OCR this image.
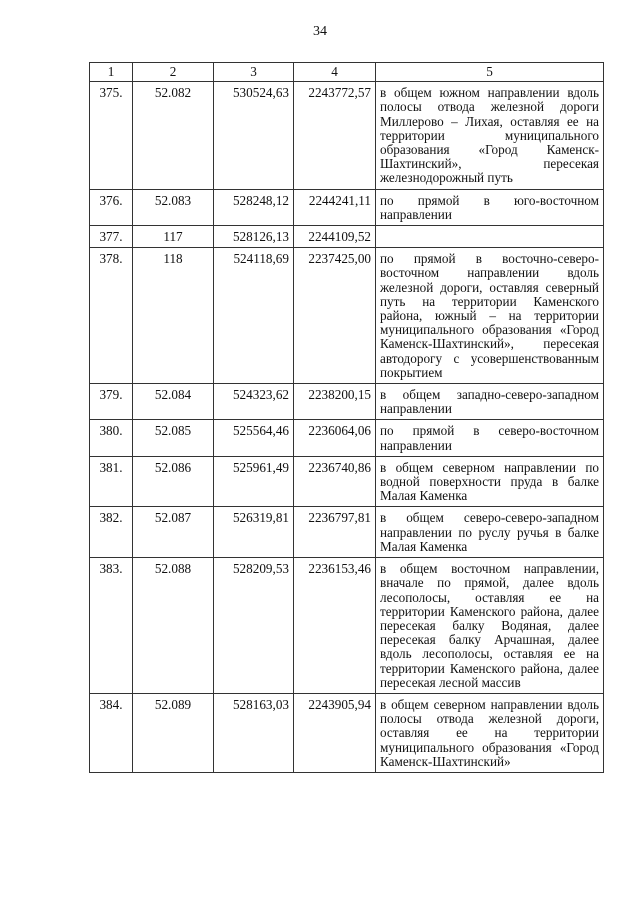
34
1	2	3	4	5
375.	52.082	530524,63	2243772,57	в общем южном направлении вдоль полосы отвода железной дороги Миллерово – Лихая, оставляя ее на территории муниципального образования «Город Каменск-Шахтинский», пересекая железнодорожный путь
376.	52.083	528248,12	2244241,11	по прямой в юго-восточном направлении
377.	117	528126,13	2244109,52	
378.	118	524118,69	2237425,00	по прямой в восточно-северо-восточном направлении вдоль железной дороги, оставляя северный путь на территории Каменского района, южный – на территории муниципального образования «Город Каменск-Шахтинский», пересекая автодорогу с усовершенствованным покрытием
379.	52.084	524323,62	2238200,15	в общем западно-северо-западном направлении
380.	52.085	525564,46	2236064,06	по прямой в северо-восточном направлении
381.	52.086	525961,49	2236740,86	в общем северном направлении по водной поверхности пруда в балке Малая Каменка
382.	52.087	526319,81	2236797,81	в общем северо-северо-западном направлении по руслу ручья в балке Малая Каменка
383.	52.088	528209,53	2236153,46	в общем восточном направлении, вначале по прямой, далее вдоль лесополосы, оставляя ее на территории Каменского района, далее пересекая балку Водяная, далее пересекая балку Арчашная, далее вдоль лесополосы, оставляя ее на территории Каменского района, далее пересекая лесной массив
384.	52.089	528163,03	2243905,94	в общем северном направлении вдоль полосы отвода железной дороги, оставляя ее на территории муниципального образования «Город Каменск-Шахтинский»
